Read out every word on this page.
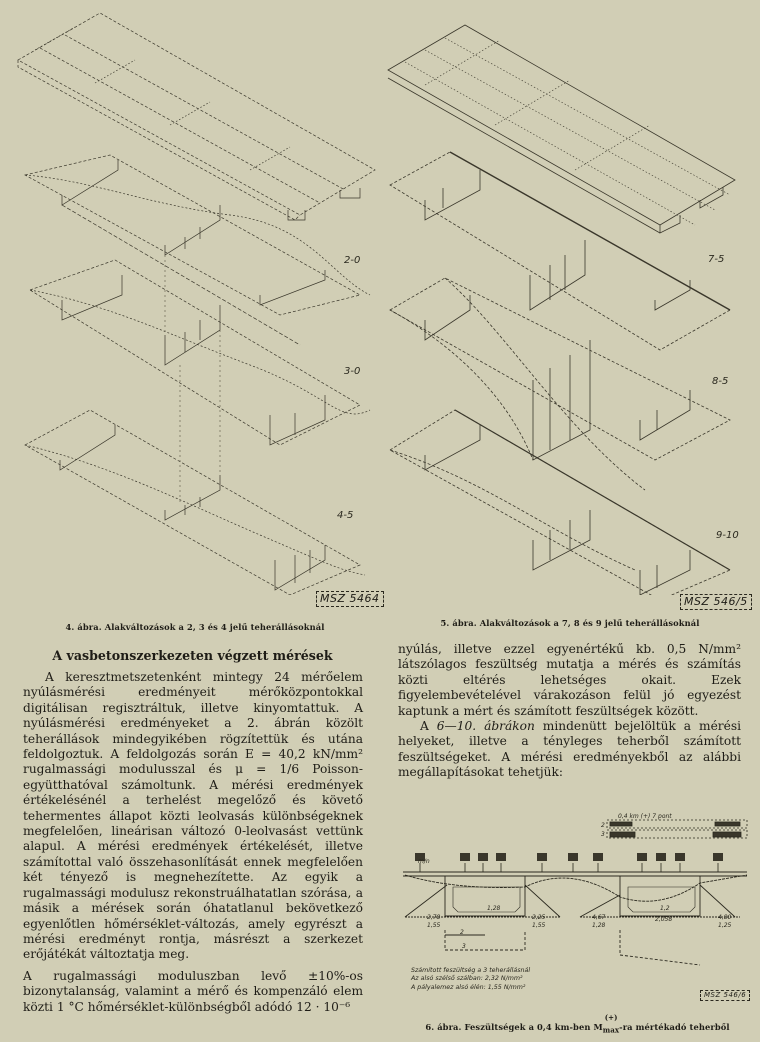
2-0
3-0
4-5
MSZ 5464
4. ábra. Alakváltozások a 2, 3 és 4 jelű teherállásoknál
7-5
8-5
9-10
MSZ 546/5
5. ábra. Alakváltozások a 7, 8 és 9 jelű teherállásoknál
A vasbetonszerkezeten végzett mérések

A keresztmetszetenként mintegy 24 mérőelem nyúlásmérési eredményeit mérőközpontokkal digitálisan regisztráltuk, illetve kinyomtattuk. A nyúlásmérési eredményeket a 2. ábrán közölt teherállások mindegyikében rögzítettük és utána feldolgoztuk. A feldolgozás során E = 40,2 kN/mm² rugalmassági modulusszal és μ = 1/6 Poisson-együtthatóval számoltunk. A mérési eredmények értékelésénél a terhelést megelőző és követő tehermentes állapot közti leolvasás különbségeknek megfelelően, lineárisan változó 0-leolvasást vettünk alapul. A mérési eredmények értékelését, illetve számítottal való összehasonlítását ennek megfelelően két tényező is megnehezítette. Az egyik a rugalmassági modulusz rekonstruálhatatlan szórása, a másik a mérések során óhatatlanul bekövetkező egyenlőtlen hőmérséklet-változás, amely egyrészt a mérési eredményt rontja, másrészt a szerkezet erőjátékát változtatja meg.

A rugalmassági moduluszban levő ±10%-os bizonytalanság, valamint a mérő és kompenzáló elem közti 1 °C hőmérséklet-különbségből adódó 12 · 10⁻⁶

nyúlás, illetve ezzel egyenértékű kb. 0,5 N/mm² látszólagos feszültség mutatja a mérés és számítás közti eltérés lehetséges okait. Ezek figyelembevételével várakozáson felül jó egyezést kaptunk a mért és számított feszültségek között.

A 6—10. ábrákon mindenütt bejelöltük a mérési helyeket, illetve a tényleges teherből számított feszültségeket. A mérési eredményekből az alábbi megállapításokat tehetjük:

0,4 km (+) 7 pont
2
3
m/n
1,28
2,78
1,55
2,25
1,55
4,67
1,28
1,2
2,058	4,80
1,25
2
3
Számított feszültség a 3 teherállásnál
Az alsó szélső szálban: 2,32 N/mm²
A pályalemez alsó élén: 1,55 N/mm²
MSZ 546/6
6. ábra. Feszültségek a 0,4 km-ben $M_{max}$
(+)
-ra mértékadó teherből
